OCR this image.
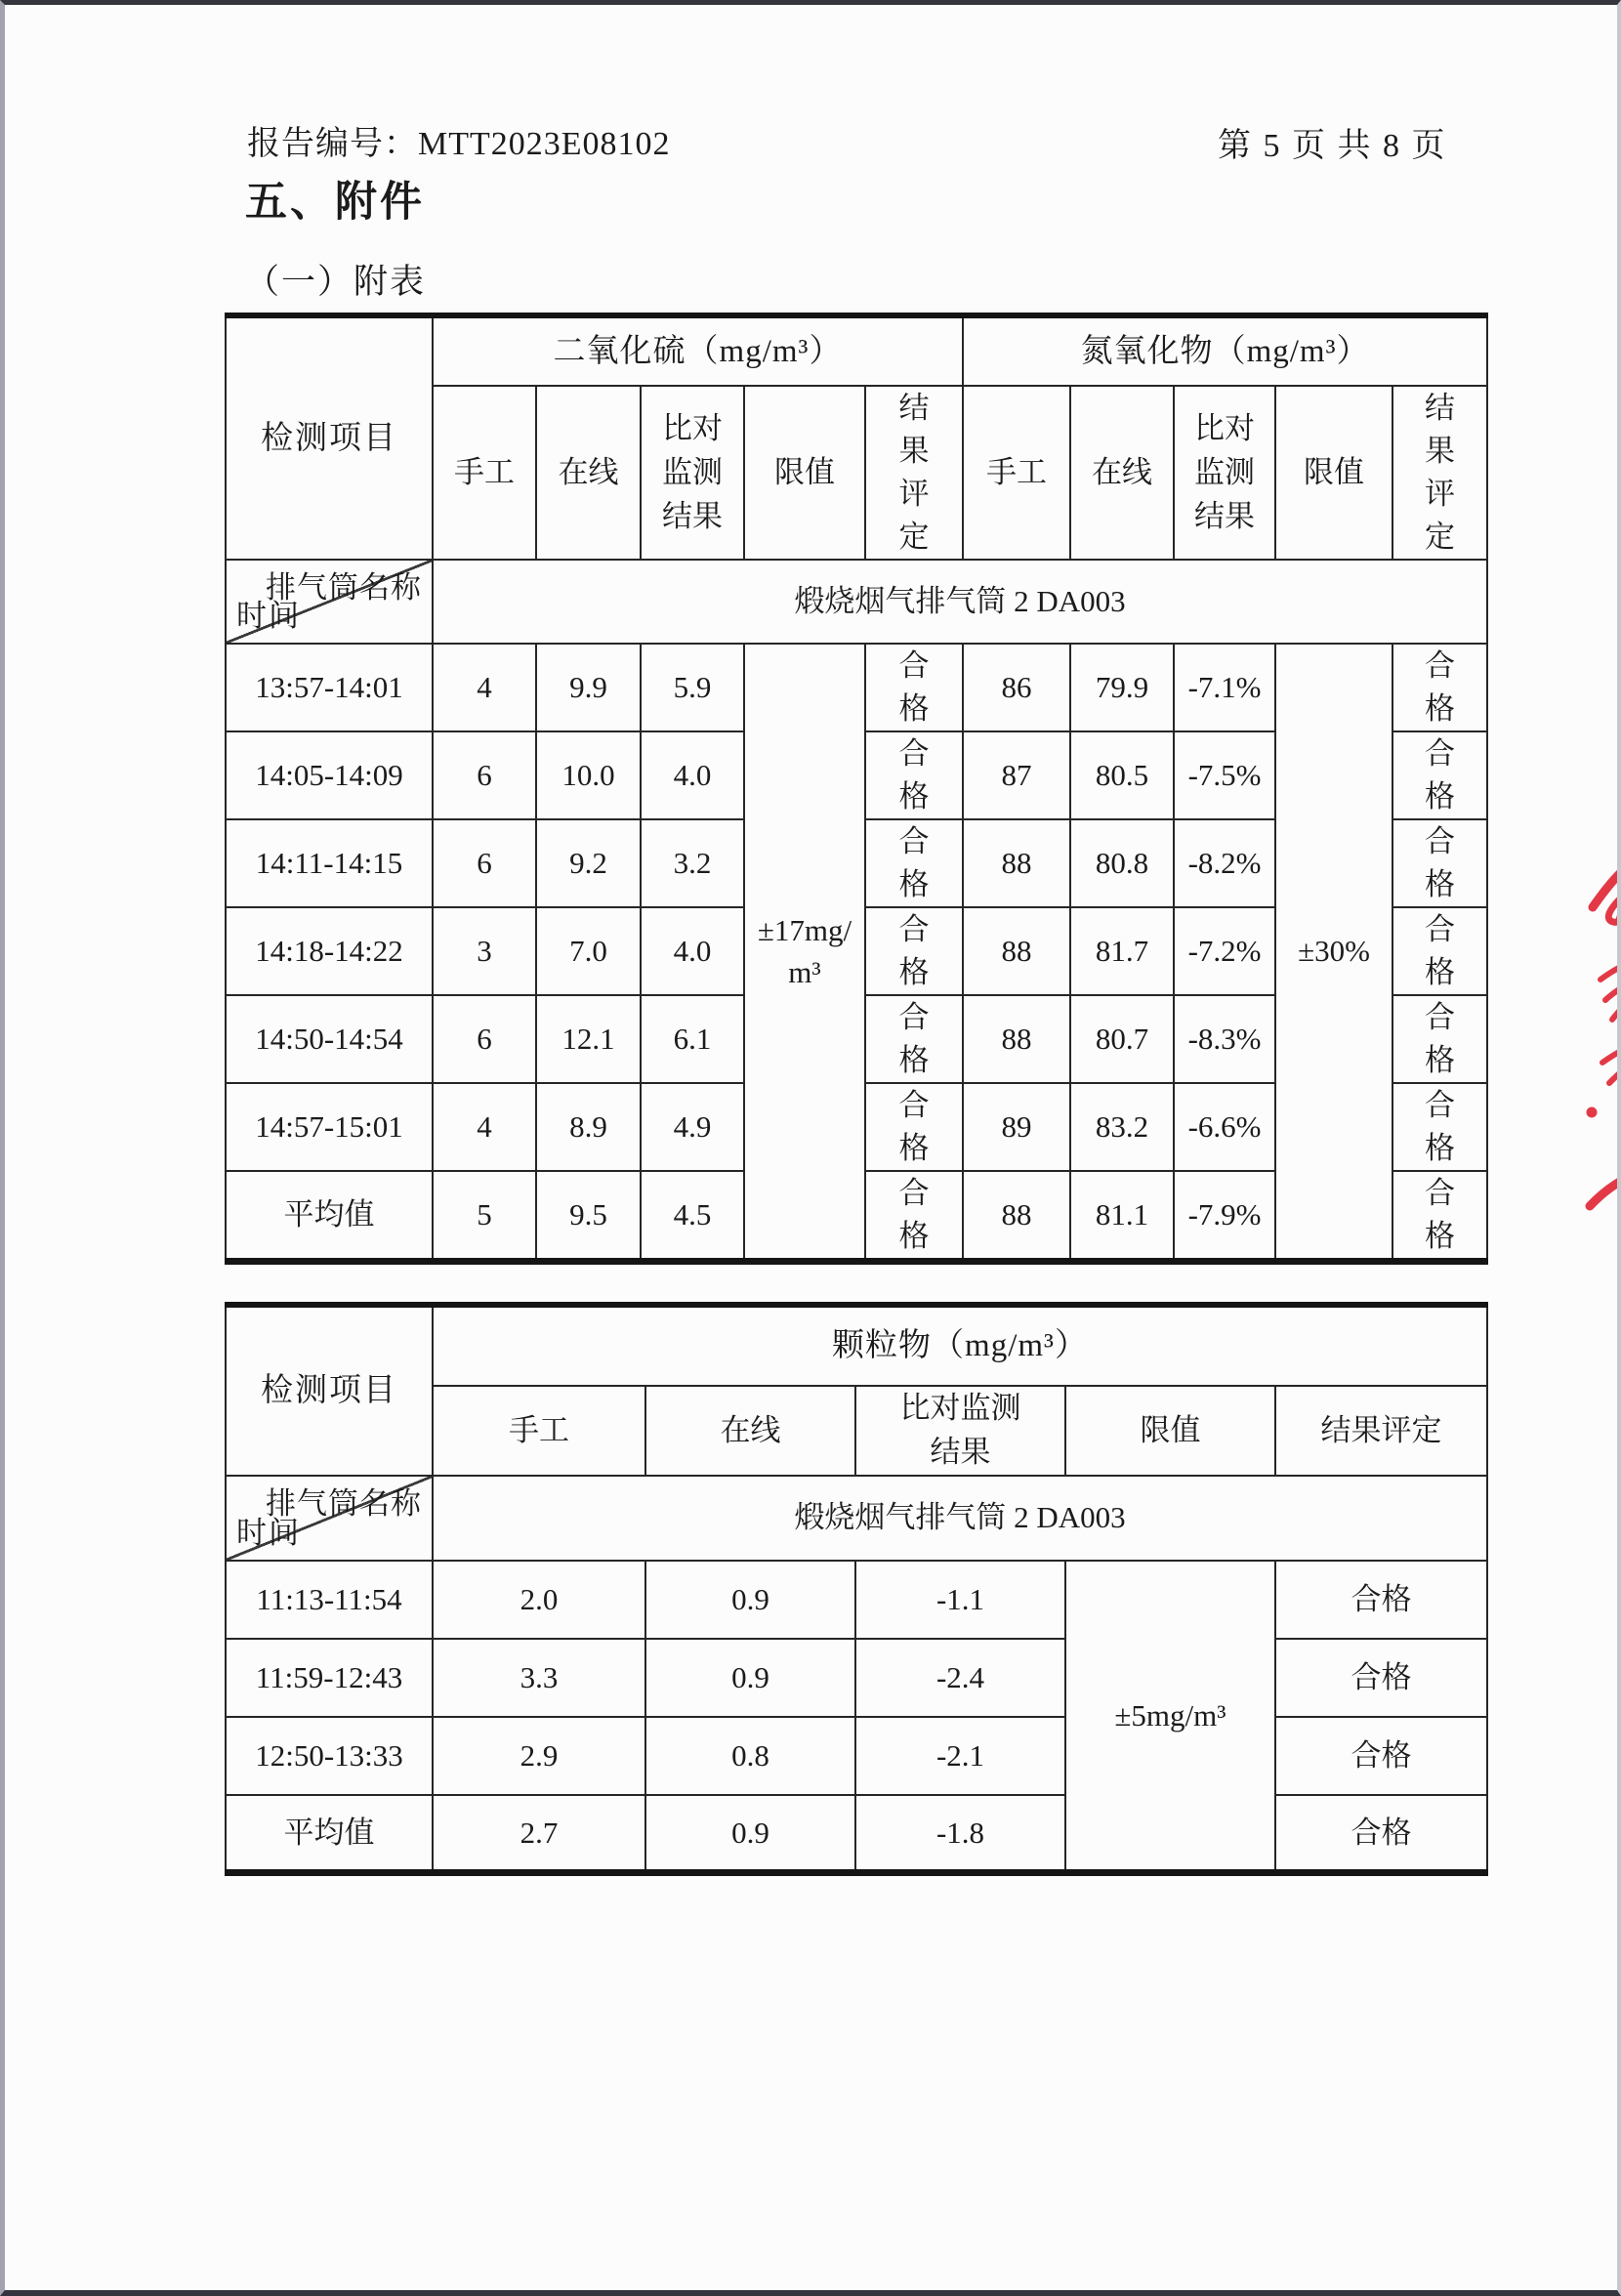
报告编号：MTT2023E08102	第 5 页 共 8 页
五、附件
（一）附表
检测项目	二氧化硫（mg/m³）					氮氧化物（mg/m³）				
	手工	在线	比对监测结果	限值	结果评定	手工	在线	比对监测结果	限值	结果评定

排气筒名称
时间	煅烧烟气排气筒 2 DA003									
13:57-14:01	4	9.9	5.9	±17mg/m³	合格	86	79.9	-7.1%	±30%	合格
14:05-14:09	6	10.0	4.0		合格	87	80.5	-7.5%		合格
14:11-14:15	6	9.2	3.2		合格	88	80.8	-8.2%		合格
14:18-14:22	3	7.0	4.0		合格	88	81.7	-7.2%		合格
14:50-14:54	6	12.1	6.1		合格	88	80.7	-8.3%		合格
14:57-15:01	4	8.9	4.9		合格	89	83.2	-6.6%		合格
平均值	5	9.5	4.5		合格	88	81.1	-7.9%		合格
检测项目	颗粒物（mg/m³）				
	手工	在线	比对监测结果	限值	结果评定

排气筒名称
时间	煅烧烟气排气筒 2 DA003				
11:13-11:54	2.0	0.9	-1.1	±5mg/m³	合格
11:59-12:43	3.3	0.9	-2.4		合格
12:50-13:33	2.9	0.8	-2.1		合格
平均值	2.7	0.9	-1.8		合格
